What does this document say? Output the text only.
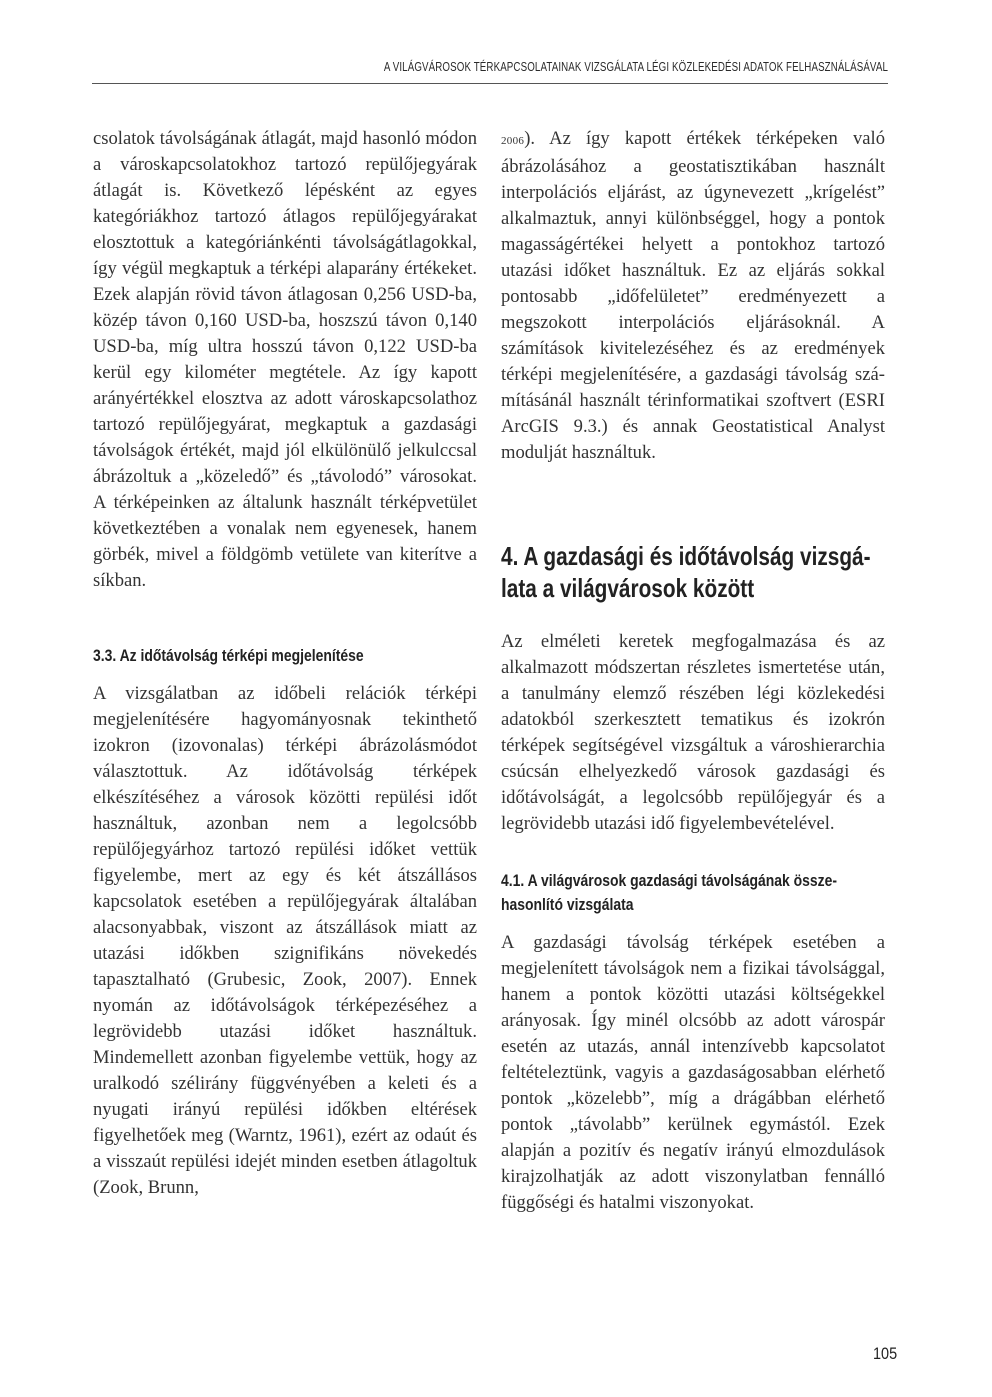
A VILÁGVÁROSOK TÉRKAPCSOLATAINAK VIZSGÁLATA LÉGI KÖZLEKEDÉSI ADATOK FELHASZNÁLÁSÁVAL

csolatok távolságának átlagát, majd hasonló módon a városkapcsolatokhoz tartozó repülőjegyárak átlagát is. Következő lépésként az egyes kategóriákhoz tartozó átlagos repülőjegyárakat elosztottuk a kategóriánkénti távolságátlagokkal, így végül megkaptuk a térképi alaparány értékeket. Ezek alapján rövid távon átlagosan 0,256 USD-ba, közép távon 0,160 USD-ba, hoszszú távon 0,140 USD-ba, míg ultra hosszú távon 0,122 USD-ba kerül egy kilométer megtétele. Az így kapott arányértékkel elosztva az adott városkapcsolathoz tartozó repülőjegyárat, megkaptuk a gazdasági távolságok értékét, majd jól elkülönülő jelkulccsal ábrázoltuk a „közeledő” és „távolodó” városokat. A térképeinken az általunk használt térképvetület következtében a vonalak nem egyenesek, hanem görbék, mivel a földgömb vetülete van kiterítve a síkban.

3.3. Az időtávolság térképi megjelenítése

A vizsgálatban az időbeli relációk térképi megjelenítésére hagyományosnak tekinthető izokron (izovonalas) térképi ábrázolásmódot választottuk. Az időtávolság térképek elkészítéséhez a városok közötti repülési időt használtuk, azonban nem a legolcsóbb repülőjegyárhoz tartozó repülési időket vettük figyelembe, mert az egy és két átszállásos kapcsolatok esetében a repülőjegyárak általában alacsonyabbak, viszont az átszállások miatt az utazási időkben szignifikáns növekedés tapasztalható (Grubesic, Zook, 2007). Ennek nyomán az időtávolságok térképezéséhez a legrövidebb utazási időket használtuk. Mindemellett azonban figyelembe vettük, hogy az uralkodó szélirány függvényében a keleti és a nyugati irányú repülési időkben eltérések figyelhetőek meg (Warntz, 1961), ezért az odaút és a visszaút repülési idejét minden esetben átlagoltuk (Zook, Brunn,

2006). Az így kapott értékek térképeken való ábrázolásához a geostatisztikában használt interpolációs eljárást, az úgynevezett „krígelést” alkalmaztuk, annyi különbséggel, hogy a pontok magasságértékei helyett a pontokhoz tartozó utazási időket használtuk. Ez az eljárás sokkal pontosabb „időfelületet” eredményezett a megszokott interpolációs eljárásoknál. A számítások kivitelezéséhez és az eredmények térképi megjelenítésére, a gazdasági távolság számításánál használt térinformatikai szoftvert (ESRI ArcGIS 9.3.) és annak Geostatistical Analyst modulját használtuk.

4. A gazdasági és időtávolság vizsgálata a világvárosok között

Az elméleti keretek megfogalmazása és az alkalmazott módszertan részletes ismertetése után, a tanulmány elemző részében légi közlekedési adatokból szerkesztett tematikus és izokrón térképek segítségével vizsgáltuk a városhierarchia csúcsán elhelyezkedő városok gazdasági és időtávolságát, a legolcsóbb repülőjegyár és a legrövidebb utazási idő figyelembevételével.

4.1. A világvárosok gazdasági távolságának összehasonlító vizsgálata

A gazdasági távolság térképek esetében a megjelenített távolságok nem a fizikai távolsággal, hanem a pontok közötti utazási költségekkel arányosak. Így minél olcsóbb az adott várospár esetén az utazás, annál intenzívebb kapcsolatot feltételeztünk, vagyis a gazdaságosabban elérhető pontok „közelebb”, míg a drágábban elérhető pontok „távolabb” kerülnek egymástól. Ezek alapján a pozitív és negatív irányú elmozdulások kirajzolhatják az adott viszonylatban fennálló függőségi és hatalmi viszonyokat.

105
